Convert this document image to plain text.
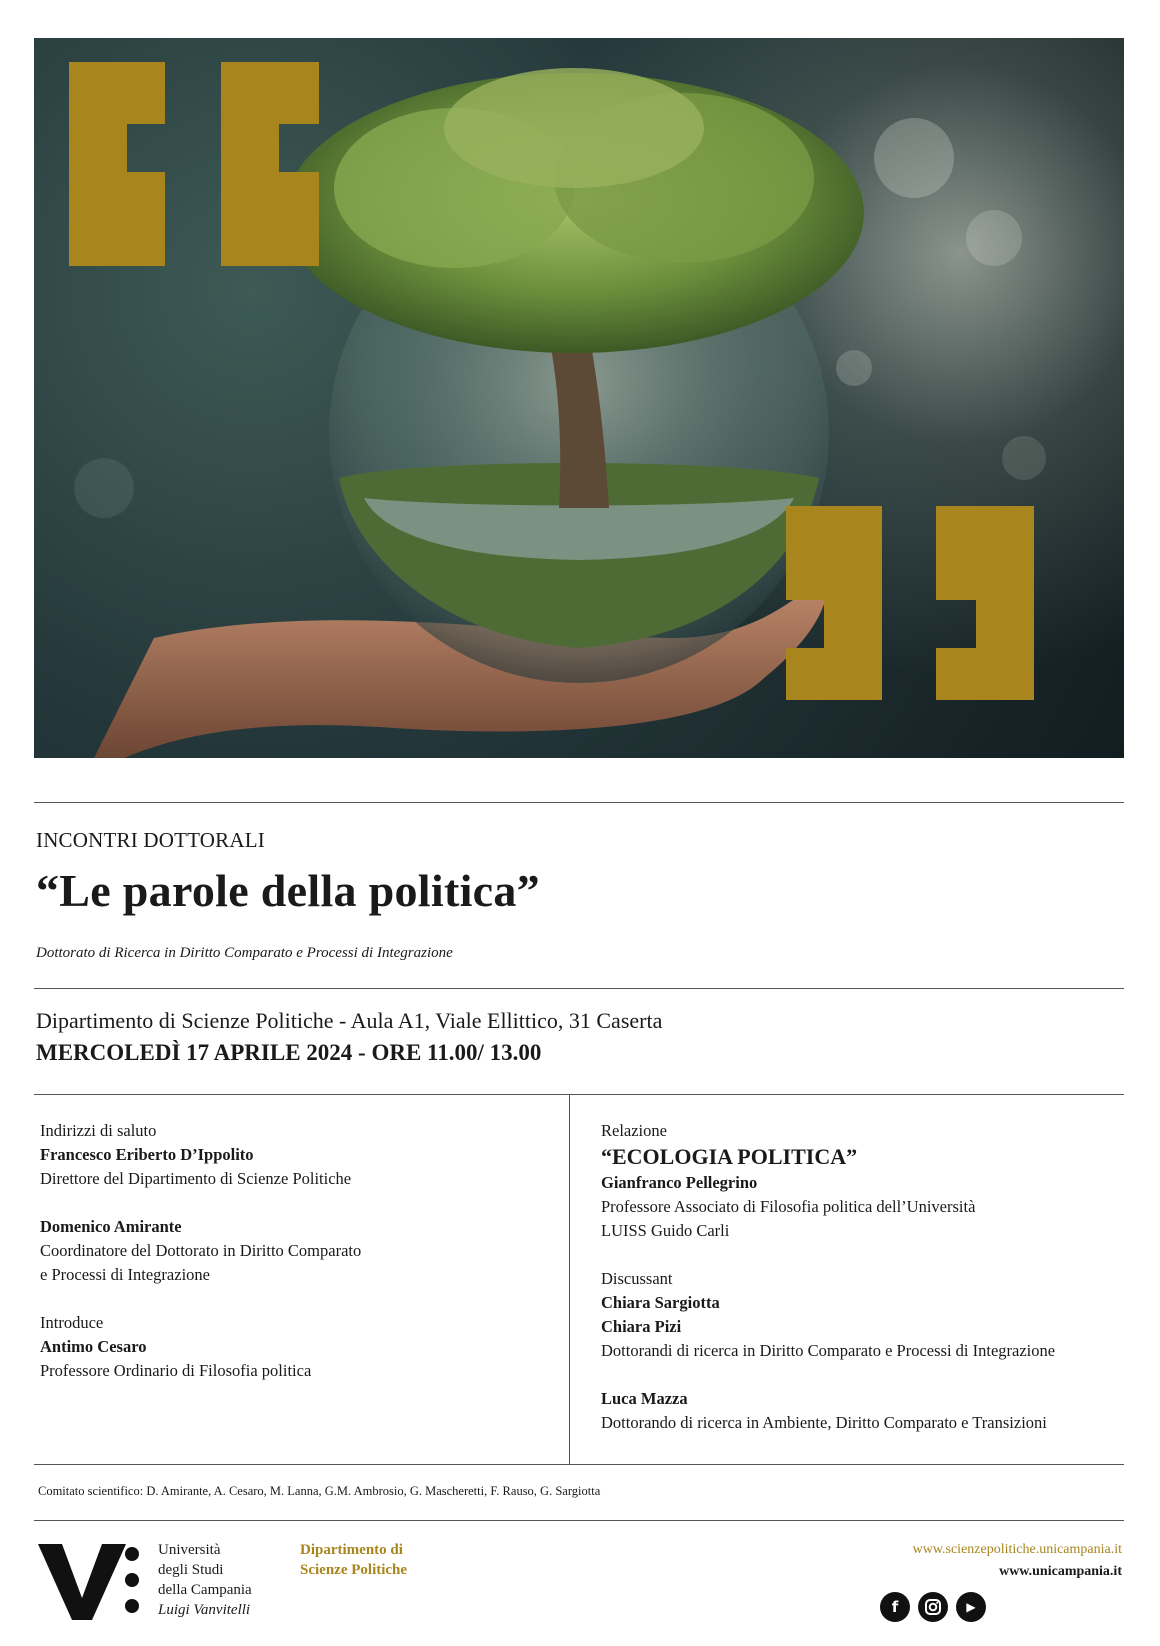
INCONTRI DOTTORALI
“Le parole della politica”
Dottorato di Ricerca in Diritto Comparato e Processi di Integrazione
Dipartimento di Scienze Politiche - Aula A1, Viale Ellittico, 31 Caserta
MERCOLEDÌ 17 APRILE 2024 - ORE 11.00/ 13.00
Indirizzi di saluto
Francesco Eriberto D’Ippolito
Direttore del Dipartimento di Scienze Politiche
Domenico Amirante
Coordinatore del Dottorato in Diritto Comparato
e Processi di Integrazione
Introduce
Antimo Cesaro
Professore Ordinario di Filosofia politica
Relazione
“ECOLOGIA POLITICA”
Gianfranco Pellegrino
Professore Associato di Filosofia politica dell’Università
LUISS Guido Carli
Discussant
Chiara Sargiotta
Chiara Pizi
Dottorandi di ricerca in Diritto Comparato e Processi di Integrazione
Luca Mazza
Dottorando di ricerca in Ambiente, Diritto Comparato e Transizioni
Comitato scientifico: D. Amirante, A. Cesaro, M. Lanna, G.M. Ambrosio, G. Mascheretti, F. Rauso, G. Sargiotta
Università
degli Studi
della Campania
Luigi Vanvitelli
Dipartimento di
Scienze Politiche
www.scienzepolitiche.unicampania.it
www.unicampania.it
f	▶
